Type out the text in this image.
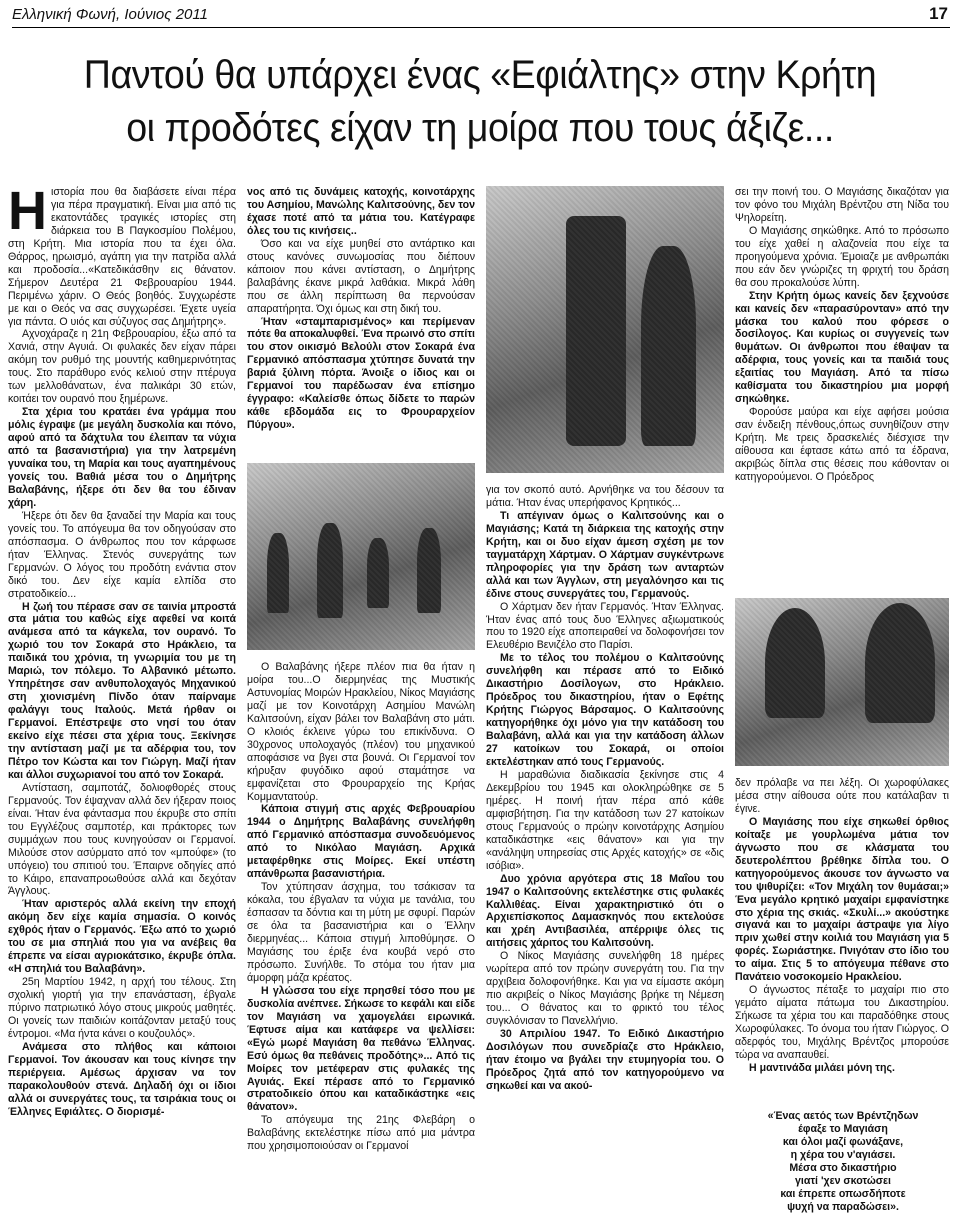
Ελληνική Φωνή, Ιούνιος 2011	17
Παντού θα υπάρχει ένας «Εφιάλτης» στην Κρήτη
οι προδότες είχαν τη μοίρα που τους άξιζε...
Η ιστορία που θα διαβάσετε είναι πέρα για πέρα πραγματική. Είναι μια από τις εκατοντάδες τραγικές ιστορίες στη διάρκεια του Β Παγκοσμίου Πολέμου, στη Κρήτη. Μια ιστορία που τα έχει όλα. Θάρρος, ηρωισμό, αγάπη για την πατρίδα αλλά και προδοσία...«Κατεδικάσθην εις θάνατον. Σήμερον Δευτέρα 21 Φεβρουαρίου 1944. Περιμένω χάριν. Ο Θεός βοηθός. Συγχωρέστε με και ο Θεός να σας συγχωρέσει. Έχετε υγεία για πάντα. Ο υιός και σύζυγος σας Δημήτρης».

Αχνοχάραζε η 21η Φεβρουαρίου, έξω από τα Χανιά, στην Αγυιά. Οι φυλακές δεν είχαν πάρει ακόμη τον ρυθμό της μουντής καθημερινότητας τους. Στο παράθυρο ενός κελιού στην πτέρυγα των μελλοθάνατων, ένα παλικάρι 30 ετών, κοιτάει τον ουρανό που ξημέρωνε.

Στα χέρια του κρατάει ένα γράμμα που μόλις έγραψε (με μεγάλη δυσκολία και πόνο, αφού από τα δάχτυλα του έλειπαν τα νύχια από τα βασανιστήρια) για την λατρεμένη γυναίκα του, τη Μαρία και τους αγαπημένους γονείς του. Βαθιά μέσα του ο Δημήτρης Βαλαβάνης, ήξερε ότι δεν θα του έδιναν χάρη.

Ήξερε ότι δεν θα ξαναδεί την Μαρία και τους γονείς του. Το απόγευμα θα τον οδηγούσαν στο απόσπασμα. Ο άνθρωπος που τον κάρφωσε ήταν Έλληνας. Στενός συνεργάτης των Γερμανών. Ο λόγος του προδότη ενάντια στον δικό του. Δεν είχε καμία ελπίδα στο στρατοδικείο...

Η ζωή του πέρασε σαν σε ταινία μπροστά στα μάτια του καθώς είχε αφεθεί να κοιτά ανάμεσα από τα κάγκελα, τον ουρανό. Το χωριό του τον Σοκαρά στο Ηράκλειο, τα παιδικά του χρόνια, τη γνωριμία του με τη Μαριώ, τον πόλεμο. Το Αλβανικό μέτωπο. Υπηρέτησε σαν ανθυπολοχαγός Μηχανικού στη χιονισμένη Πίνδο όταν παίρναμε φαλάγγι τους Ιταλούς. Μετά ήρθαν οι Γερμανοί. Επέστρεψε στο νησί του όταν εκείνο είχε πέσει στα χέρια τους. Ξεκίνησε την αντίσταση μαζί με τα αδέρφια του, τον Πέτρο τον Κώστα και τον Γιώργη. Μαζί ήταν και άλλοι συχωριανοί του από τον Σοκαρά.

Αντίσταση, σαμποτάζ, δολιοφθορές στους Γερμανούς. Τον έψαχναν αλλά δεν ήξεραν ποιος είναι. Ήταν ένα φάντασμα που έκρυβε στο σπίτι του Εγγλέζους σαμποτέρ, και πράκτορες των συμμάχων που τους κυνηγούσαν οι Γερμανοί. Μιλούσε στον ασύρματο από τον «μπούφε» (το υπόγειο) του σπιτιού του. Έπαιρνε οδηγίες από το Κάιρο, επαναπροωθούσε αλλά και δεχόταν Άγγλους.

Ήταν αριστερός αλλά εκείνη την εποχή ακόμη δεν είχε καμία σημασία. Ο κοινός εχθρός ήταν ο Γερμανός. Έξω από το χωριό του σε μια σπηλιά που για να ανέβεις θα έπρεπε να είσαι αγριοκάτσικο, έκρυβε όπλα. «Η σπηλιά του Βαλαβάνη».

25η Μαρτίου 1942, η αρχή του τέλους. Στη σχολική γιορτή για την επανάσταση, έβγαλε πύρινο πατριωτικό λόγο στους μικρούς μαθητές. Οι γονείς των παιδιών κοιτάζονταν μεταξύ τους έντρομοι. «Μα ήντα κάνει ο κουζουλός».

Ανάμεσα στο πλήθος και κάποιοι Γερμανοί. Τον άκουσαν και τους κίνησε την περιέργεια. Αμέσως άρχισαν να τον παρακολουθούν στενά. Δηλαδή όχι οι ίδιοι αλλά οι συνεργάτες τους, τα τσιράκια τους οι Έλληνες Εφιάλτες. Ο διορισμέ-

νος από τις δυνάμεις κατοχής, κοινοτάρχης του Ασημίου, Μανώλης Καλιτσούνης, δεν τον έχασε ποτέ από τα μάτια του. Κατέγραφε όλες του τις κινήσεις..

Όσο και να είχε μυηθεί στο αντάρτικο και στους κανόνες συνωμοσίας που διέπουν κάποιον που κάνει αντίσταση, ο Δημήτρης βαλαβάνης έκανε μικρά λαθάκια. Μικρά λάθη που σε άλλη περίπτωση θα περνούσαν απαρατήρητα. Όχι όμως και στη δική του.

Ήταν «σταμπαρισμένος» και περίμεναν πότε θα αποκαλυφθεί. Ένα πρωινό στο σπίτι του στον οικισμό Βελούλι στον Σοκαρά ένα Γερμανικό απόσπασμα χτύπησε δυνατά την βαριά ξύλινη πόρτα. Άνοιξε ο ίδιος και οι Γερμανοί του παρέδωσαν ένα επίσημο έγγραφο: «Καλείσθε όπως δίδετε το παρών κάθε εβδομάδα εις το Φρουραρχείον Πύργου».

Ο Βαλαβάνης ήξερε πλέον πια θα ήταν η μοίρα του...Ο διερμηνέας της Μυστικής Αστυνομίας Μοιρών Ηρακλείου, Νίκος Μαγιάσης μαζί με τον Κοινοτάρχη Ασημίου Μανώλη Καλιτσούνη, είχαν βάλει τον Βαλαβάνη στο μάτι. Ο κλοιός έκλεινε γύρω του επικίνδυνα. Ο 30χρονος υπολοχαγός (πλέον) του μηχανικού αποφάσισε να βγει στα βουνά. Οι Γερμανοί τον κήρυξαν φυγόδικο αφού σταμάτησε να εμφανίζεται στο Φρουραρχείο της Κρήας Κομμαντατούρ.

Κάποια στιγμή στις αρχές Φεβρουαρίου 1944 ο Δημήτρης Βαλαβάνης συνελήφθη από Γερμανικό απόσπασμα συνοδευόμενος από το Νικόλαο Μαγιάση. Αρχικά μεταφέρθηκε στις Μοίρες. Εκεί υπέστη απάνθρωπα βασανιστήρια.

Τον χτύπησαν άσχημα, του τσάκισαν τα κόκαλα, του έβγαλαν τα νύχια με τανάλια, του έσπασαν τα δόντια και τη μύτη με σφυρί. Παρών σε όλα τα βασανιστήρια και ο Έλλην διερμηνέας... Κάποια στιγμή λιποθύμησε. Ο Μαγιάσης του έριξε ένα κουβά νερό στο πρόσωπο. Συνήλθε. Το στόμα του ήταν μια άμορφη μάζα κρέατος.

Η γλώσσα του είχε πρησθεί τόσο που με δυσκολία ανέπνεε. Σήκωσε το κεφάλι και είδε τον Μαγιάση να χαμογελάει ειρωνικά. Έφτυσε αίμα και κατάφερε να ψελλίσει: «Εγώ μωρέ Μαγιάση θα πεθάνω Έλληνας. Εσύ όμως θα πεθάνεις προδότης»... Από τις Μοίρες τον μετέφεραν στις φυλακές της Αγυιάς. Εκεί πέρασε από το Γερμανικό στρατοδικείο όπου και καταδικάστηκε «εις θάνατον».

Το απόγευμα της 21ης Φλεβάρη ο Βαλαβάνης εκτελέστηκε πίσω από μια μάντρα που χρησιμοποιούσαν οι Γερμανοί

για τον σκοπό αυτό. Αρνήθηκε να του δέσουν τα μάτια. Ήταν ένας υπερήφανος Κρητικός...

Τι απέγιναν όμως ο Καλιτσούνης και ο Μαγιάσης; Κατά τη διάρκεια της κατοχής στην Κρήτη, και οι δυο είχαν άμεση σχέση με τον ταγματάρχη Χάρτμαν. Ο Χάρτμαν συγκέντρωνε πληροφορίες για την δράση των ανταρτών αλλά και των Άγγλων, στη μεγαλόνησο και τις έδινε στους συνεργάτες του, Γερμανούς.

Ο Χάρτμαν δεν ήταν Γερμανός. Ήταν Έλληνας. Ήταν ένας από τους δυο Έλληνες αξιωματικούς που το 1920 είχε αποπειραθεί να δολοφονήσει τον Ελευθέριο Βενιζέλο στο Παρίσι.

Με το τέλος του πολέμου ο Καλιτσούνης συνελήφθη και πέρασε από το Ειδικό Δικαστήριο Δοσίλογων, στο Ηράκλειο. Πρόεδρος του δικαστηρίου, ήταν ο Εφέτης Κρήτης Γιώργος Βάρσαμος. Ο Καλιτσούνης κατηγορήθηκε όχι μόνο για την κατάδοση του Βαλαβάνη, αλλά και για την κατάδοση άλλων 27 κατοίκων του Σοκαρά, οι οποίοι εκτελέστηκαν από τους Γερμανούς.

Η μαραθώνια διαδικασία ξεκίνησε στις 4 Δεκεμβρίου του 1945 και ολοκληρώθηκε σε 5 ημέρες. Η ποινή ήταν πέρα από κάθε αμφισβήτηση. Για την κατάδοση των 27 κατοίκων στους Γερμανούς ο πρώην κοινοτάρχης Ασημίου καταδικάστηκε «εις θάνατον» και για την «ανάληψη υπηρεσίας στις Αρχές κατοχής» σε «δις ισόβια».

Δυο χρόνια αργότερα στις 18 Μαΐου του 1947 ο Καλιτσούνης εκτελέστηκε στις φυλακές Καλλιθέας. Είναι χαρακτηριστικό ότι ο Αρχιεπίσκοπος Δαμασκηνός που εκτελούσε και χρέη Αντιβασιλέα, απέρριψε όλες τις αιτήσεις χάριτος του Καλιτσούνη.

Ο Νίκος Μαγιάσης συνελήφθη 18 ημέρες νωρίτερα από τον πρώην συνεργάτη του. Για την αρχιβεια δολοφονήθηκε. Και για να είμαστε ακόμη πιο ακριβείς ο Νίκος Μαγιάσης βρήκε τη Νέμεση του... Ο θάνατος και το φρικτό του τέλος συγκλόνισαν το Πανελλήνιο.

30 Απριλίου 1947. Το Ειδικό Δικαστήριο Δοσιλόγων που συνεδρίαζε στο Ηράκλειο, ήταν έτοιμο να βγάλει την ετυμηγορία του. Ο Πρόεδρος ζητά από τον κατηγορούμενο να σηκωθεί και να ακού-

σει την ποινή του. Ο Μαγιάσης δικαζόταν για τον φόνο του Μιχάλη Βρέντζου στη Νίδα του Ψηλορείτη.

Ο Μαγιάσης σηκώθηκε. Από το πρόσωπο του είχε χαθεί η αλαζονεία που είχε τα προηγούμενα χρόνια. Έμοιαζε με ανθρωπάκι που εάν δεν γνώριζες τη φριχτή του δράση θα σου προκαλούσε λύπη.

Στην Κρήτη όμως κανείς δεν ξεχνούσε και κανείς δεν «παρασύρονταν» από την μάσκα του καλού που φόρεσε ο δοσίλογος. Και κυρίως οι συγγενείς των θυμάτων. Οι άνθρωποι που έθαψαν τα αδέρφια, τους γονείς και τα παιδιά τους εξαιτίας του Μαγιάση. Από τα πίσω καθίσματα του δικαστηρίου μια μορφή σηκώθηκε.

Φορούσε μαύρα και είχε αφήσει μούσια σαν ένδειξη πένθους,όπως συνηθίζουν στην Κρήτη. Με τρεις δρασκελιές διέσχισε την αίθουσα και έφτασε κάτω από τα έδρανα, ακριβώς δίπλα στις θέσεις που κάθονταν οι κατηγορούμενοι. Ο Πρόεδρος

δεν πρόλαβε να πει λέξη. Οι χωροφύλακες μέσα στην αίθουσα ούτε που κατάλαβαν τι έγινε.

Ο Μαγιάσης που είχε σηκωθεί όρθιος κοίταξε με γουρλωμένα μάτια τον άγνωστο που σε κλάσματα του δευτερολέπτου βρέθηκε δίπλα του. Ο κατηγορούμενος άκουσε τον άγνωστο να του ψιθυρίζει: «Τον Μιχάλη τον θυμάσαι;» Ένα μεγάλο κρητικό μαχαίρι εμφανίστηκε στο χέρια της σκιάς. «Σκυλί...» ακούστηκε σιγανά και το μαχαίρι άστραψε για λίγο πριν χωθεί στην κοιλιά του Μαγιάση για 5 φορές. Σωριάστηκε. Πνιγόταν στο ίδιο του το αίμα. Στις 5 το απόγευμα πέθανε στο Πανάτειο νοσοκομείο Ηρακλείου.

Ο άγνωστος πέταξε το μαχαίρι πιο στο γεμάτο αίματα πάτωμα του Δικαστηρίου. Σήκωσε τα χέρια του και παραδόθηκε στους Χωροφύλακες. Το όνομα του ήταν Γιώργος. Ο αδερφός του, Μιχάλης Βρέντζος μπορούσε τώρα να αναπαυθεί.

Η μαντινάδα μιλάει μόνη της.

«Ένας αετός των Βρέντζηδων
έφαξε το Μαγιάση
και όλοι μαζί φωνάξανε,
η χέρα του ν'αγιάσει.
Μέσα στο δικαστήριο
γιατί 'χεν σκοτώσει
και έπρεπε οπωσδήποτε
ψυχή να παραδώσει».
